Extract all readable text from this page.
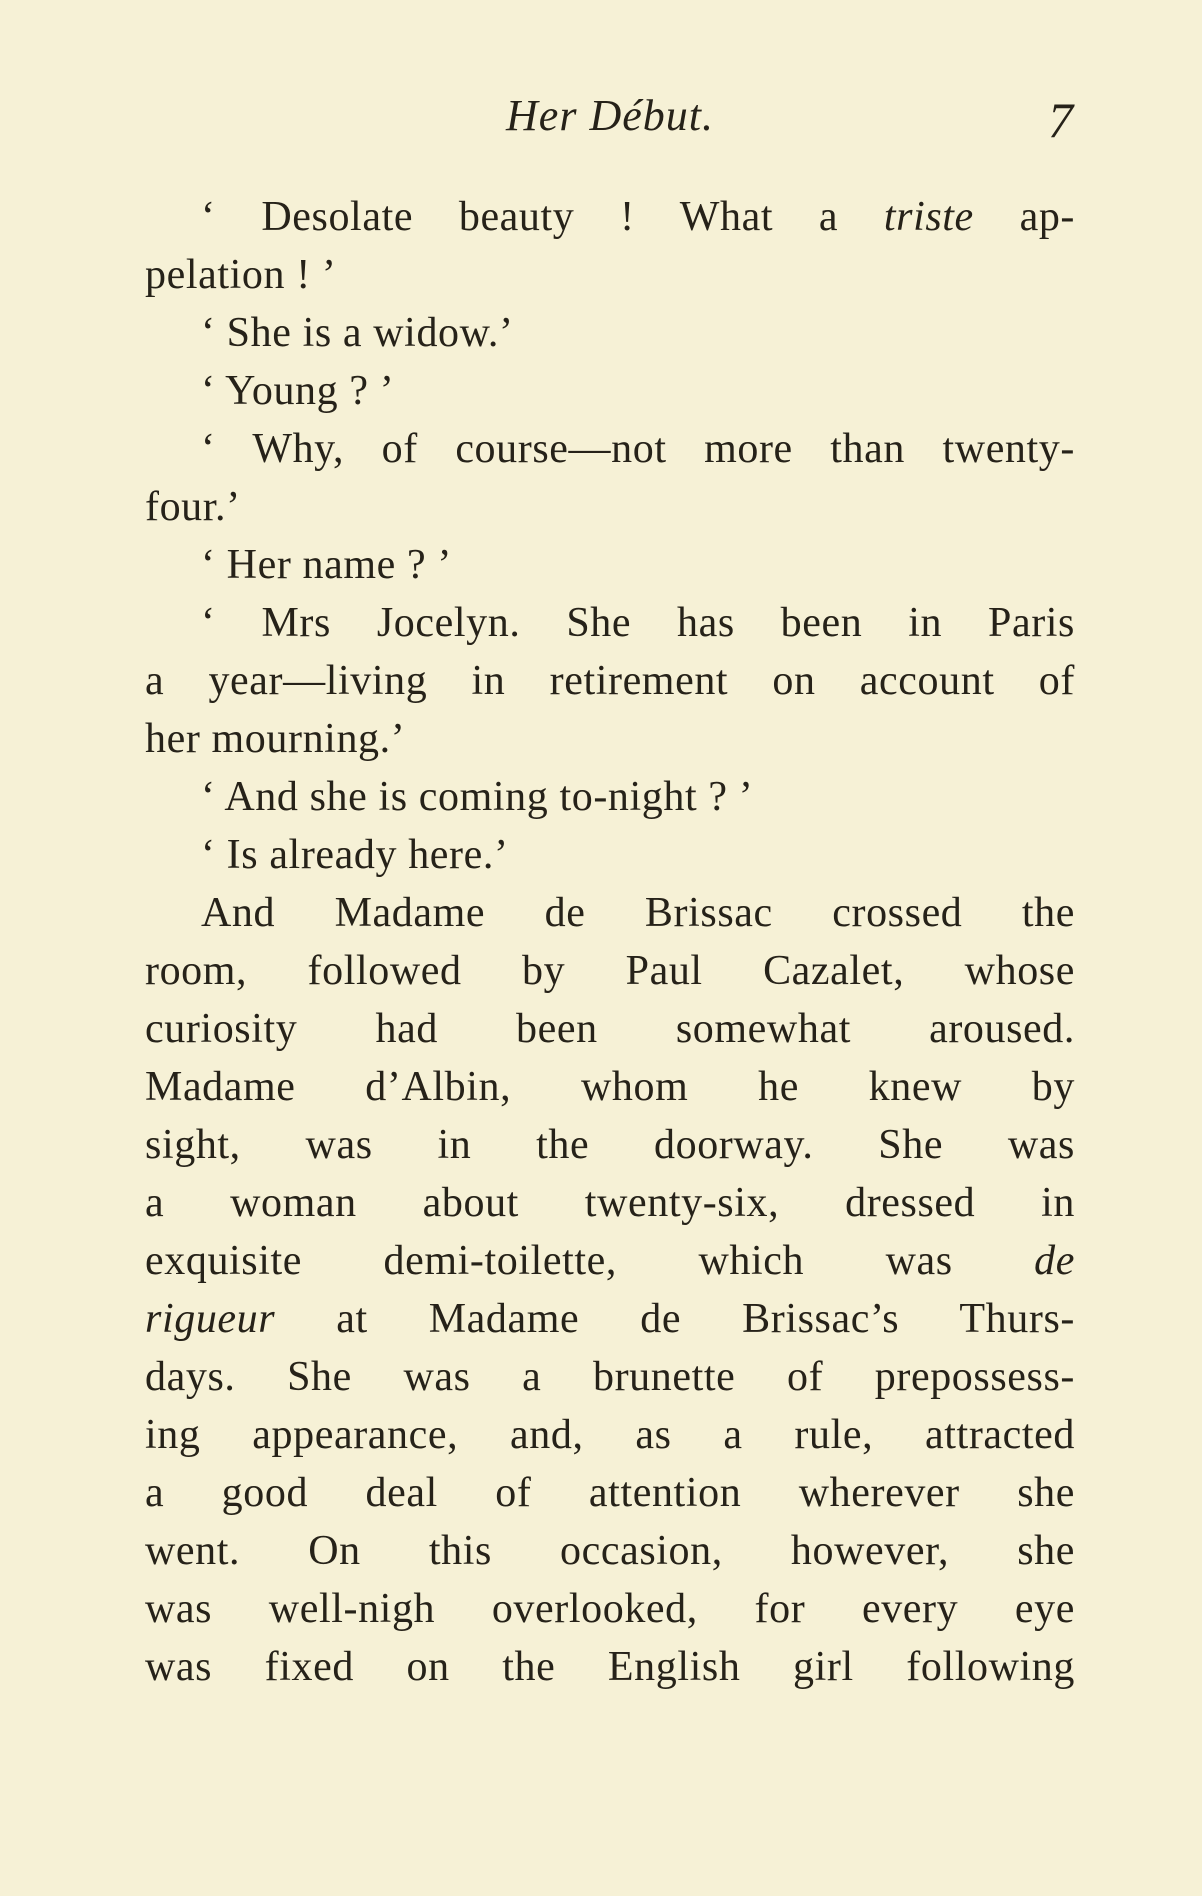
Her Début.	7
‘ Desolate beauty ! What a triste ap-
pelation ! ’
‘ She is a widow.’
‘ Young ? ’
‘ Why, of course—not more than twenty-
four.’
‘ Her name ? ’
‘ Mrs Jocelyn. She has been in Paris
a year—living in retirement on account of
her mourning.’
‘ And she is coming to-night ? ’
‘ Is already here.’
And Madame de Brissac crossed the
room, followed by Paul Cazalet, whose
curiosity had been somewhat aroused.
Madame d’Albin, whom he knew by
sight, was in the doorway. She was
a woman about twenty-six, dressed in
exquisite demi-toilette, which was de
rigueur at Madame de Brissac’s Thurs-
days. She was a brunette of prepossess-
ing appearance, and, as a rule, attracted
a good deal of attention wherever she
went. On this occasion, however, she
was well-nigh overlooked, for every eye
was fixed on the English girl following
